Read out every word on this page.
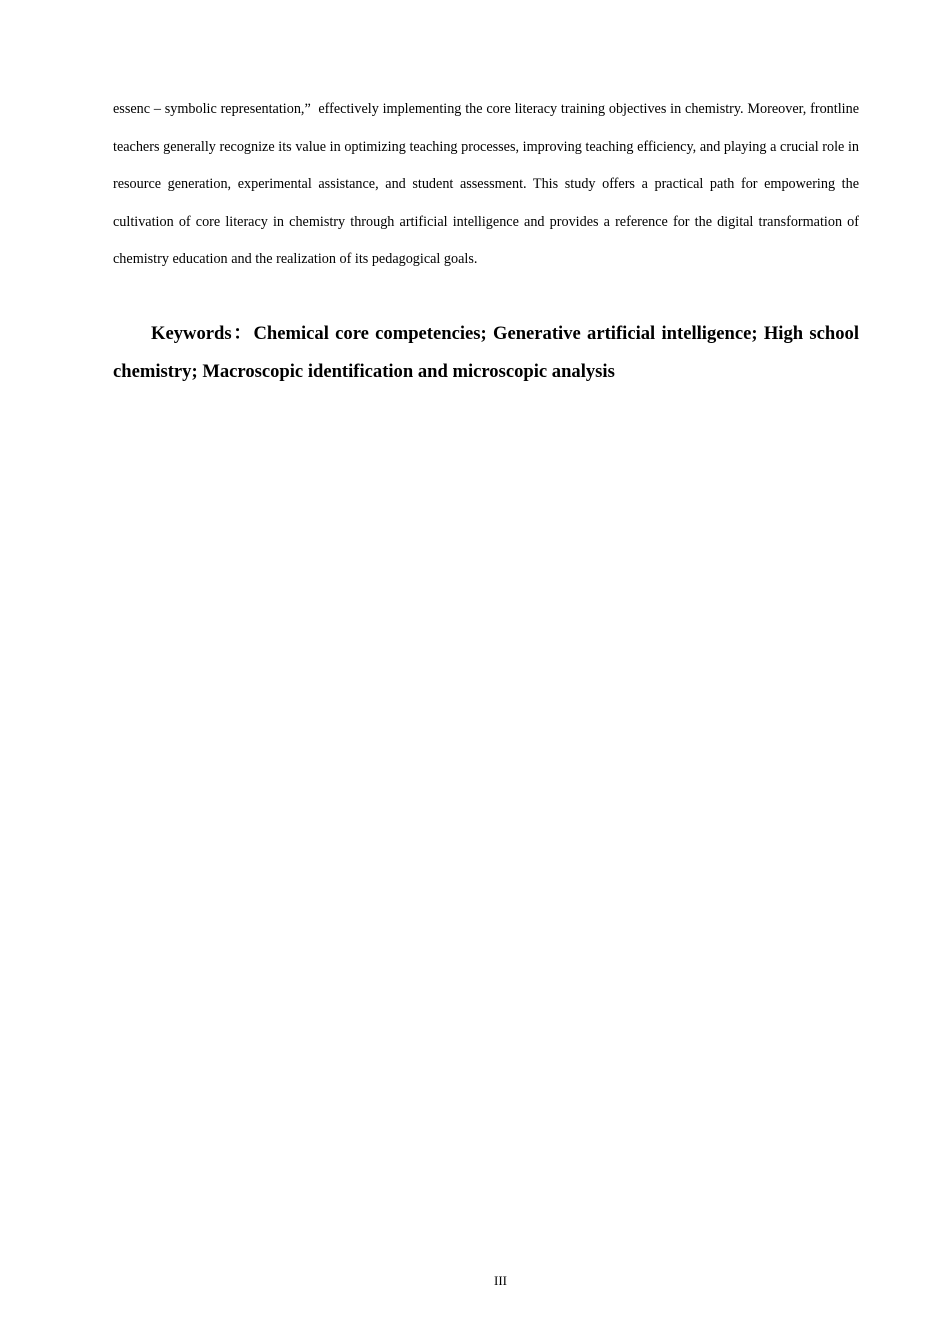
essenc – symbolic representation,”  effectively implementing the core literacy training objectives in chemistry. Moreover, frontline teachers generally recognize its value in optimizing teaching processes, improving teaching efficiency, and playing a crucial role in resource generation, experimental assistance, and student assessment. This study offers a practical path for empowering the cultivation of core literacy in chemistry through artificial intelligence and provides a reference for the digital transformation of chemistry education and the realization of its pedagogical goals.

Keywords：Chemical core competencies; Generative artificial intelligence; High school chemistry; Macroscopic identification and microscopic analysis

III
